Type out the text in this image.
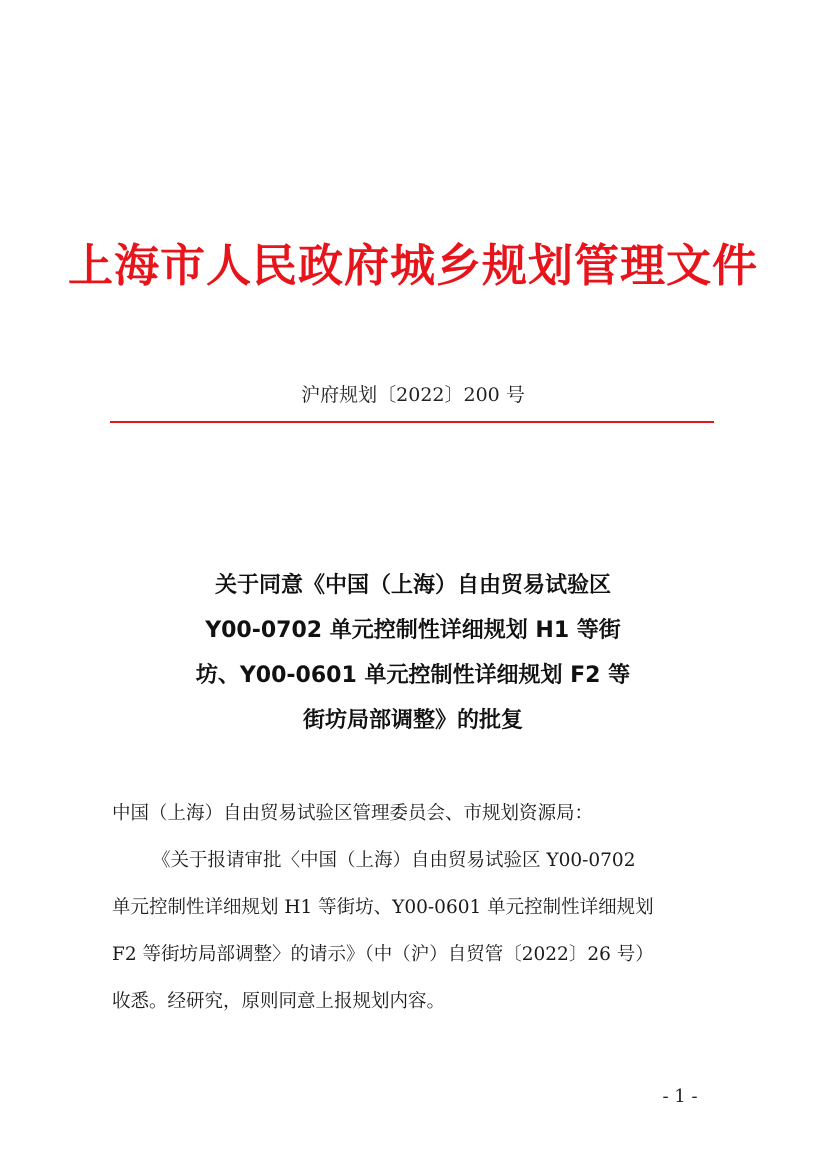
上海市人民政府城乡规划管理文件
沪府规划〔2022〕200 号
关于同意《中国（上海）自由贸易试验区
Y00-0702 单元控制性详细规划 H1 等街
坊、Y00-0601 单元控制性详细规划 F2 等
街坊局部调整》的批复
中国（上海）自由贸易试验区管理委员会、市规划资源局：
《关于报请审批〈中国（上海）自由贸易试验区 Y00-0702
单元控制性详细规划 H1 等街坊、Y00-0601 单元控制性详细规划
F2 等街坊局部调整〉的请示》（中（沪）自贸管〔2022〕26 号）
收悉。经研究，原则同意上报规划内容。
- 1 -
